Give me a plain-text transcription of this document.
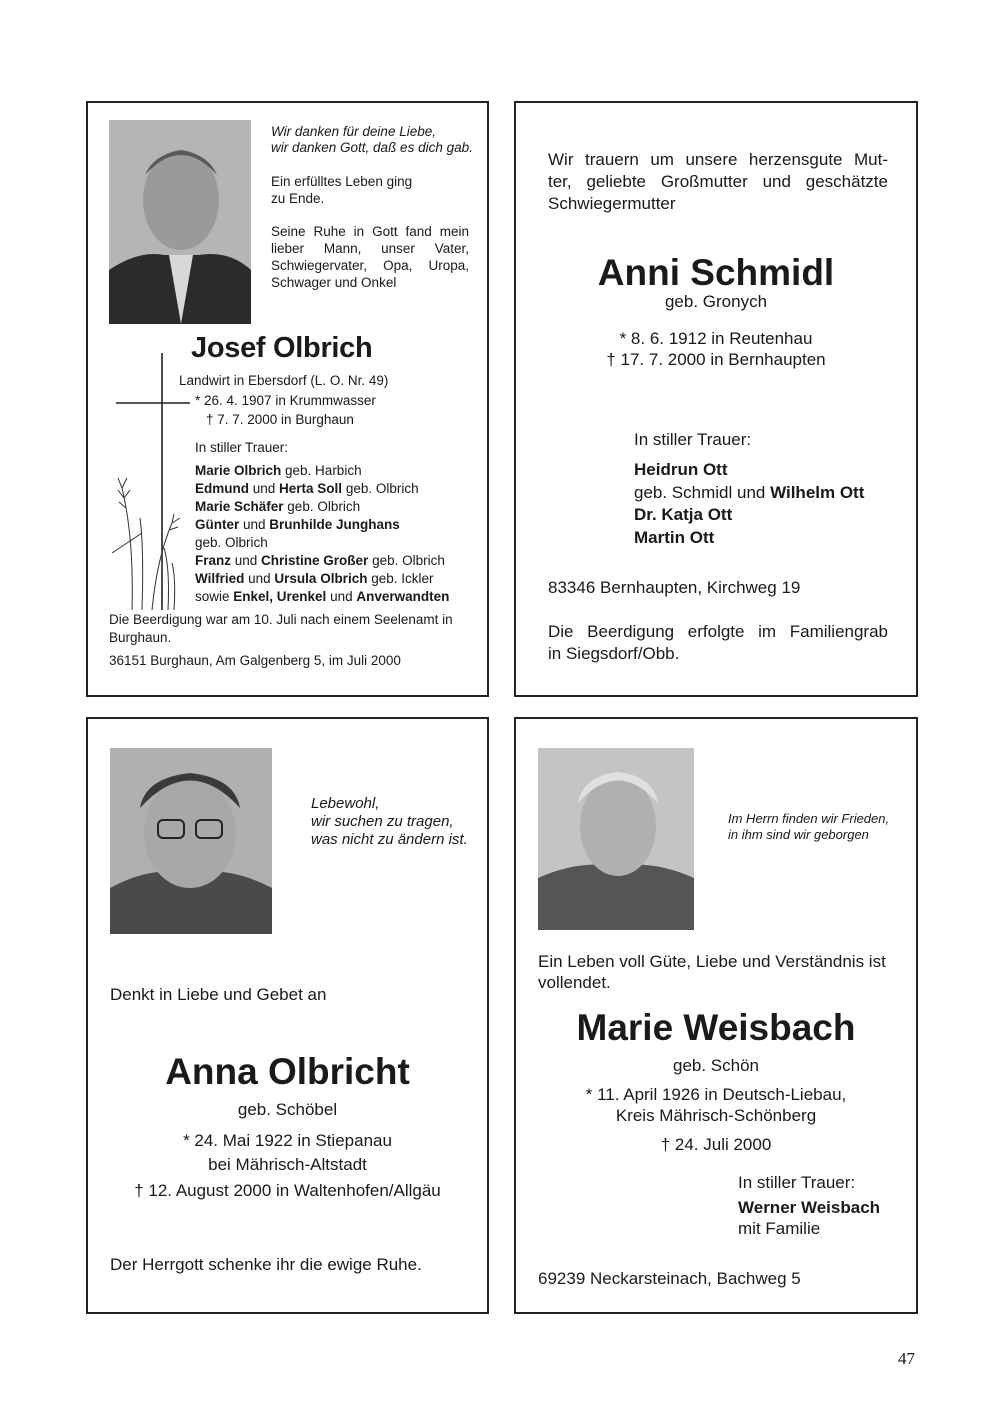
Wir danken für deine Liebe,
wir danken Gott, daß es dich gab.
Ein erfülltes Leben ging
zu Ende.
Seine Ruhe in Gott fand mein
lieber Mann, unser Vater,
Schwiegervater, Opa, Uropa,
Schwager und Onkel
Josef Olbrich
Landwirt in Ebersdorf (L. O. Nr. 49)
* 26. 4. 1907 in Krummwasser
† 7. 7. 2000 in Burghaun
In stiller Trauer:
Marie Olbrich geb. Harbich
Edmund und Herta Soll geb. Olbrich
Marie Schäfer geb. Olbrich
Günter und Brunhilde Junghans
geb. Olbrich
Franz und Christine Großer geb. Olbrich
Wilfried und Ursula Olbrich geb. Ickler
sowie Enkel, Urenkel und Anverwandten
Die Beerdigung war am 10. Juli nach einem Seelenamt in
Burghaun.
36151 Burghaun, Am Galgenberg 5, im Juli 2000
Wir trauern um unsere herzensgute Mut-
ter, geliebte Großmutter und geschätzte
Schwiegermutter
Anni Schmidl
geb. Gronych
* 8. 6. 1912 in Reutenhau
† 17. 7. 2000 in Bernhaupten
In stiller Trauer:
Heidrun Ott
geb. Schmidl und Wilhelm Ott
Dr. Katja Ott
Martin Ott
83346 Bernhaupten, Kirchweg 19
Die Beerdigung erfolgte im Familiengrab
in Siegsdorf/Obb.
Lebewohl,
wir suchen zu tragen,
was nicht zu ändern ist.
Denkt in Liebe und Gebet an
Anna Olbricht
geb. Schöbel
* 24. Mai 1922 in Stiepanau
bei Mährisch-Altstadt
† 12. August 2000 in Waltenhofen/Allgäu
Der Herrgott schenke ihr die ewige Ruhe.
Im Herrn finden wir Frieden,
in ihm sind wir geborgen
Ein Leben voll Güte, Liebe und Verständnis ist
vollendet.
Marie Weisbach
geb. Schön
* 11. April 1926 in Deutsch-Liebau,
Kreis Mährisch-Schönberg
† 24. Juli 2000
In stiller Trauer:
Werner Weisbach
mit Familie
69239 Neckarsteinach, Bachweg 5
47
